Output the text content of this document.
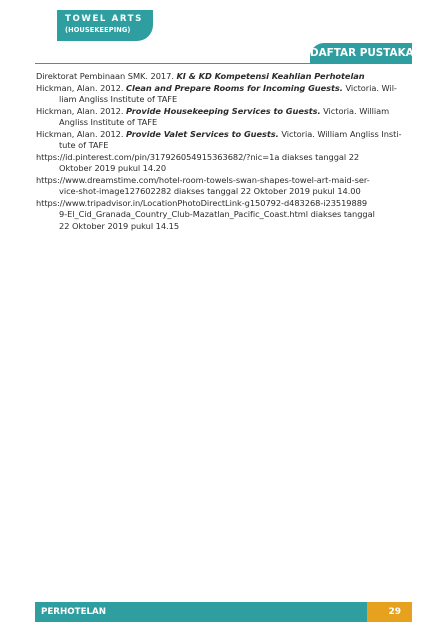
TOWEL ARTS
(HOUSEKEEPING)
DAFTAR PUSTAKA
Direktorat Pembinaan SMK. 2017. KI & KD Kompetensi Keahlian Perhotelan
Hickman, Alan. 2012. Clean and Prepare Rooms for Incoming Guests. Victoria. Wil-
liam Angliss Institute of TAFE
Hickman, Alan. 2012. Provide Housekeeping Services to Guests. Victoria. William
Angliss Institute of TAFE
Hickman, Alan. 2012. Provide Valet Services to Guests. Victoria. William Angliss Insti-
tute of TAFE
https://id.pinterest.com/pin/317926054915363682/?nic=1a diakses tanggal 22
Oktober 2019 pukul 14.20
https://www.dreamstime.com/hotel-room-towels-swan-shapes-towel-art-maid-ser-
vice-shot-image127602282 diakses tanggal 22 Oktober 2019 pukul 14.00
https://www.tripadvisor.in/LocationPhotoDirectLink-g150792-d483268-i23519889
9-El_Cid_Granada_Country_Club-Mazatlan_Pacific_Coast.html diakses tanggal
22 Oktober 2019 pukul 14.15
PERHOTELAN	29
